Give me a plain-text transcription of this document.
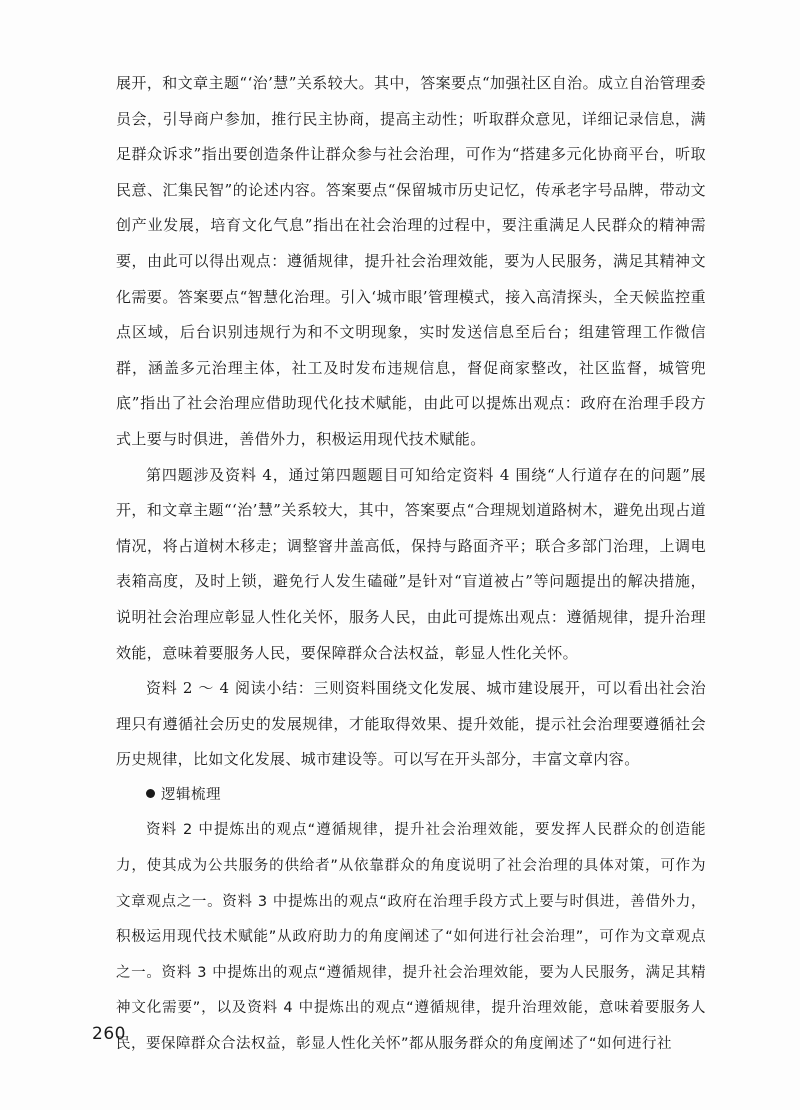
展开，和文章主题“‘治’慧”关系较大。其中，答案要点“加强社区自治。成立自治管理委员会，引导商户参加，推行民主协商，提高主动性；听取群众意见，详细记录信息，满足群众诉求”指出要创造条件让群众参与社会治理，可作为“搭建多元化协商平台，听取民意、汇集民智”的论述内容。答案要点“保留城市历史记忆，传承老字号品牌，带动文创产业发展，培育文化气息”指出在社会治理的过程中，要注重满足人民群众的精神需要，由此可以得出观点：遵循规律，提升社会治理效能，要为人民服务，满足其精神文化需要。答案要点“智慧化治理。引入‘城市眼’管理模式，接入高清探头，全天候监控重点区域，后台识别违规行为和不文明现象，实时发送信息至后台；组建管理工作微信群，涵盖多元治理主体，社工及时发布违规信息，督促商家整改，社区监督，城管兜底”指出了社会治理应借助现代化技术赋能，由此可以提炼出观点：政府在治理手段方式上要与时俱进，善借外力，积极运用现代技术赋能。

第四题涉及资料 4，通过第四题题目可知给定资料 4 围绕“人行道存在的问题”展开，和文章主题“‘治’慧”关系较大，其中，答案要点“合理规划道路树木，避免出现占道情况，将占道树木移走；调整窨井盖高低，保持与路面齐平；联合多部门治理，上调电表箱高度，及时上锁，避免行人发生磕碰”是针对“盲道被占”等问题提出的解决措施，说明社会治理应彰显人性化关怀，服务人民，由此可提炼出观点：遵循规律，提升治理效能，意味着要服务人民，要保障群众合法权益，彰显人性化关怀。

资料 2 ～ 4 阅读小结：三则资料围绕文化发展、城市建设展开，可以看出社会治理只有遵循社会历史的发展规律，才能取得效果、提升效能，提示社会治理要遵循社会历史规律，比如文化发展、城市建设等。可以写在开头部分，丰富文章内容。

逻辑梳理

资料 2 中提炼出的观点“遵循规律，提升社会治理效能，要发挥人民群众的创造能力，使其成为公共服务的供给者”从依靠群众的角度说明了社会治理的具体对策，可作为文章观点之一。资料 3 中提炼出的观点“政府在治理手段方式上要与时俱进，善借外力，积极运用现代技术赋能”从政府助力的角度阐述了“如何进行社会治理”，可作为文章观点之一。资料 3 中提炼出的观点“遵循规律，提升社会治理效能，要为人民服务，满足其精神文化需要”，以及资料 4 中提炼出的观点“遵循规律，提升治理效能，意味着要服务人民，要保障群众合法权益，彰显人性化关怀”都从服务群众的角度阐述了“如何进行社

260
